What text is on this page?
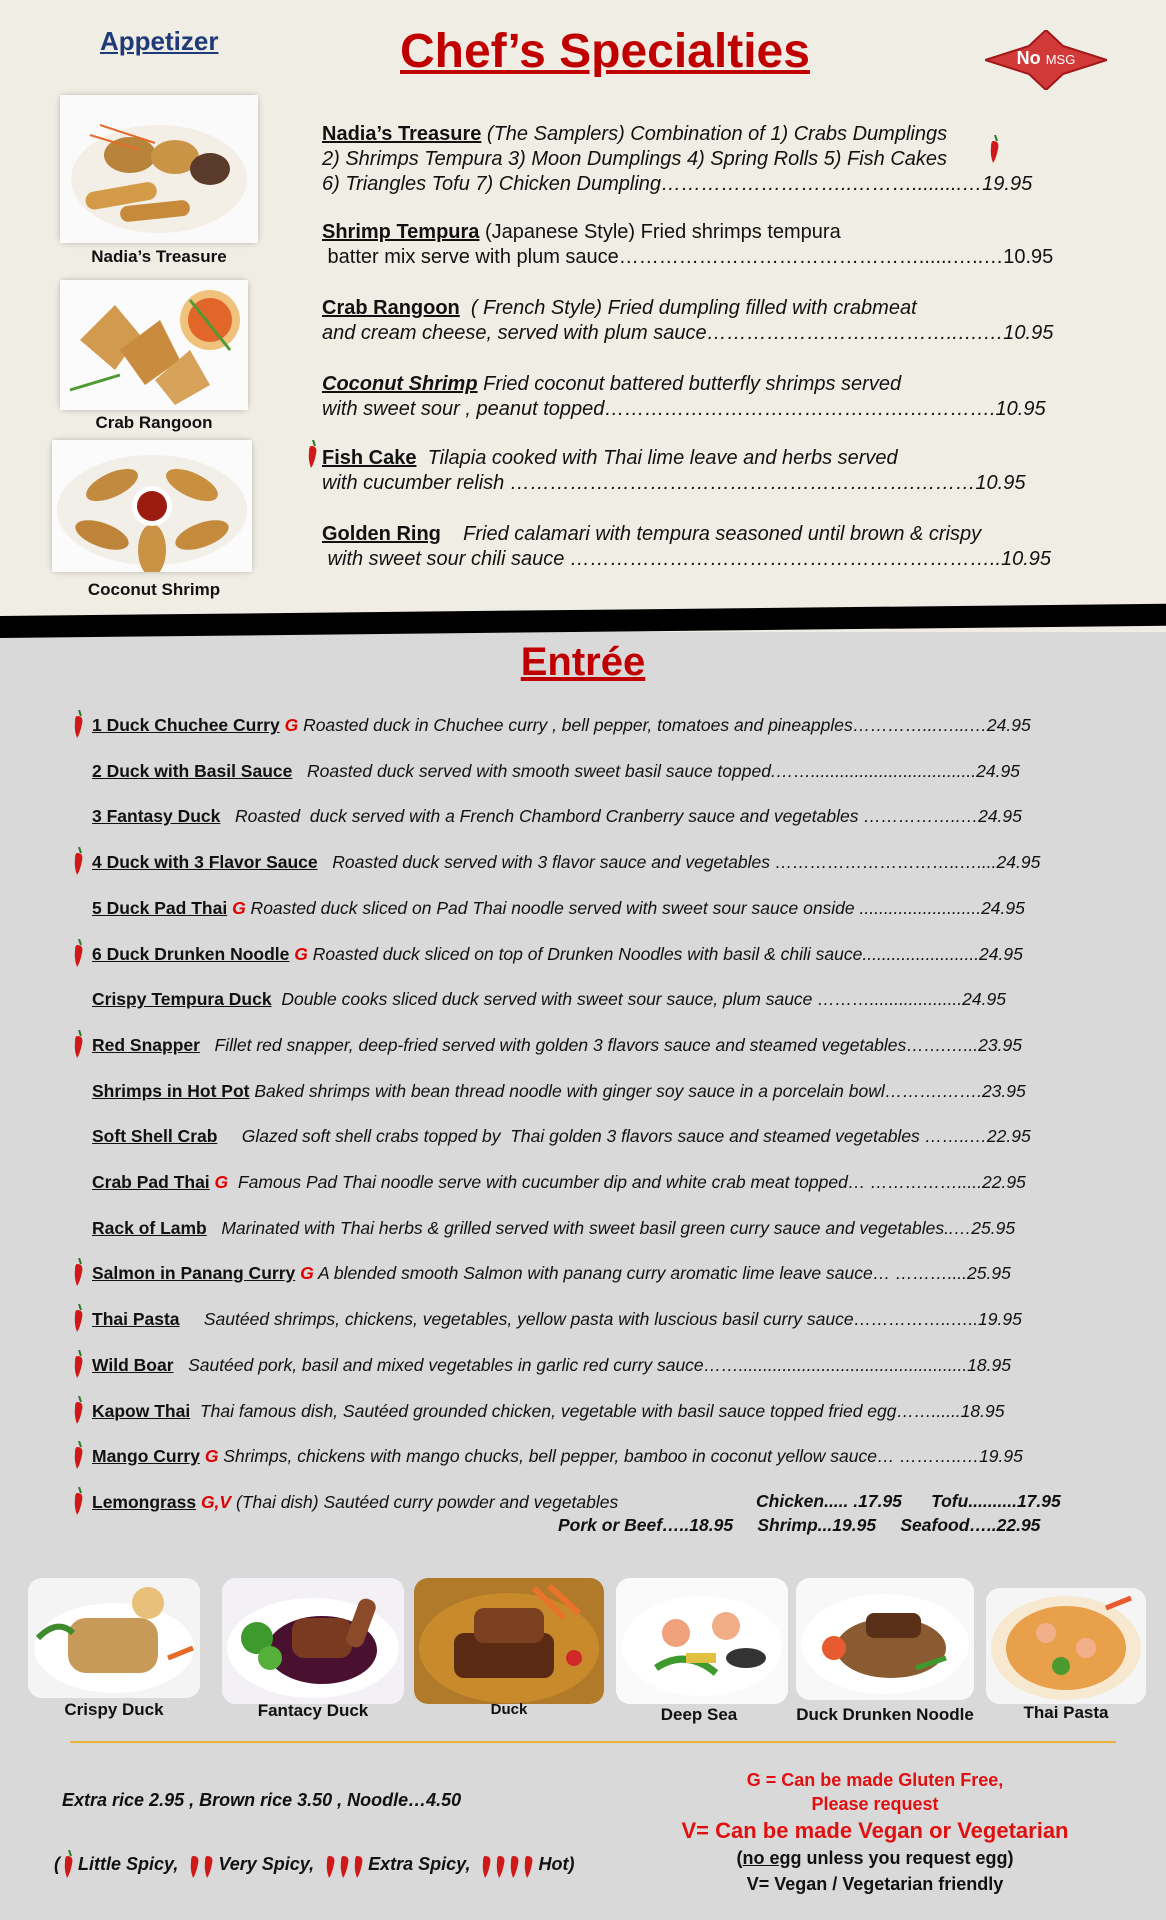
Appetizer	Chef’s Specialties	No MSG
Nadia’s Treasure
Crab Rangoon
Coconut Shrimp
Nadia’s Treasure (The Samplers) Combination of 1) Crabs Dumplings
2) Shrimps Tempura 3) Moon Dumplings 4) Spring Rolls 5) Fish Cakes
6) Triangles Tofu 7) Chicken Dumpling………………………..……….........…19.95
Shrimp Tempura (Japanese Style) Fried shrimps tempura
batter mix serve with plum sauce………………………………………......…..…10.95
Crab Rangoon  ( French Style) Fried dumpling filled with crabmeat
and cream cheese, served with plum sauce………………………………..….…10.95
Coconut Shrimp Fried coconut battered butterfly shrimps served
with sweet sour , peanut topped……………………………………….………….10.95
Fish Cake  Tilapia cooked with Thai lime leave and herbs served
with cucumber relish …………………………………………………….………10.95
Golden Ring    Fried calamari with tempura seasoned until brown & crispy
with sweet sour chili sauce ………………………………………………………..10.95
Entrée
1 Duck Chuchee Curry G Roasted duck in Chuchee curry , bell pepper, tomatoes and pineapples…………...…...…24.95
2 Duck with Basil Sauce   Roasted duck served with smooth sweet basil sauce topped.……..................................24.95
3 Fantasy Duck   Roasted  duck served with a French Chambord Cranberry sauce and vegetables ……………..…24.95
4 Duck with 3 Flavor Sauce   Roasted duck served with 3 flavor sauce and vegetables …………………………..…....24.95
5 Duck Pad Thai G Roasted duck sliced on Pad Thai noodle served with sweet sour sauce onside .........................24.95
6 Duck Drunken Noodle G Roasted duck sliced on top of Drunken Noodles with basil & chili sauce........................24.95
Crispy Tempura Duck  Double cooks sliced duck served with sweet sour sauce, plum sauce ………...................24.95
Red Snapper   Fillet red snapper, deep-fried served with golden 3 flavors sauce and steamed vegetables…….…...23.95
Shrimps in Hot Pot Baked shrimps with bean thread noodle with ginger soy sauce in a porcelain bowl……….…….23.95
Soft Shell Crab     Glazed soft shell crabs topped by  Thai golden 3 flavors sauce and steamed vegetables ……..…22.95
Crab Pad Thai G  Famous Pad Thai noodle serve with cucumber dip and white crab meat topped… …………….....22.95
Rack of Lamb   Marinated with Thai herbs & grilled served with sweet basil green curry sauce and vegetables..…25.95
Salmon in Panang Curry G A blended smooth Salmon with panang curry aromatic lime leave sauce… ………....25.95
Thai Pasta     Sautéed shrimps, chickens, vegetables, yellow pasta with luscious basil curry sauce……………..…..19.95
Wild Boar   Sautéed pork, basil and mixed vegetables in garlic red curry sauce……...............................................18.95
Kapow Thai  Thai famous dish, Sautéed grounded chicken, vegetable with basil sauce topped fried egg……......18.95
Mango Curry G Shrimps, chickens with mango chucks, bell pepper, bamboo in coconut yellow sauce… ………..…19.95
Lemongrass G,V (Thai dish) Sautéed curry powder and vegetables	Chicken..... .17.95      Tofu..........17.95
Pork or Beef…..18.95     Shrimp...19.95     Seafood…..22.95
Crispy Duck	Fantacy Duck	Duck	Deep Sea	Duck Drunken Noodle	Thai Pasta
Extra rice 2.95 , Brown rice 3.50 , Noodle…4.50
( Little Spicy, Very Spicy,	Extra Spicy,	Hot)
G = Can be made Gluten Free,
Please request
V= Can be made Vegan or Vegetarian
(no egg unless you request egg)
V= Vegan / Vegetarian friendly
